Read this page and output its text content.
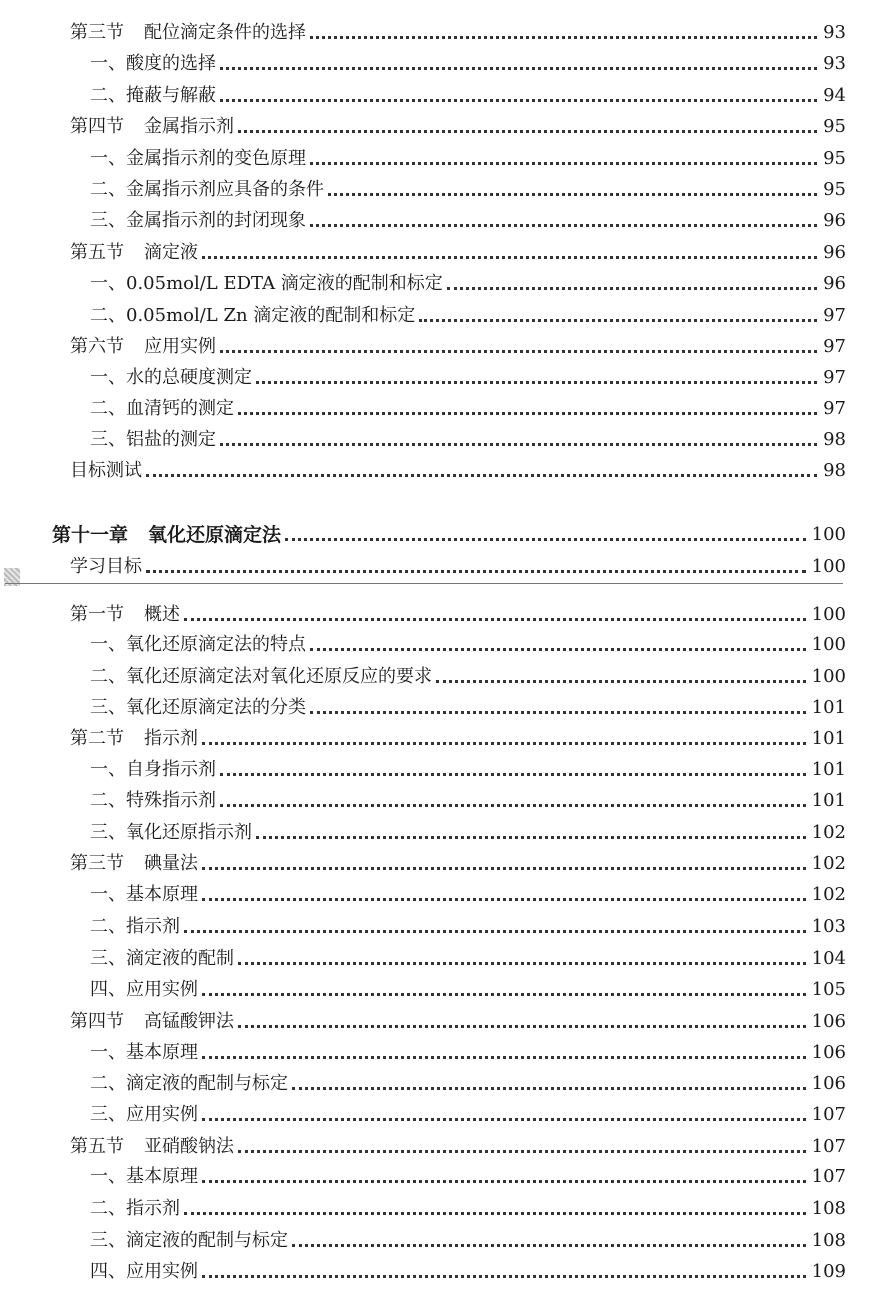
第三节 配位滴定条件的选择	93
一、酸度的选择	93
二、掩蔽与解蔽	94
第四节 金属指示剂	95
一、金属指示剂的变色原理	95
二、金属指示剂应具备的条件	95
三、金属指示剂的封闭现象	96
第五节 滴定液	96
一、0.05mol/L EDTA 滴定液的配制和标定	96
二、0.05mol/L Zn 滴定液的配制和标定	97
第六节 应用实例	97
一、水的总硬度测定	97
二、血清钙的测定	97
三、铝盐的测定	98
目标测试	98
第十一章 氧化还原滴定法	100
学习目标	100
第一节 概述	100
一、氧化还原滴定法的特点	100
二、氧化还原滴定法对氧化还原反应的要求	100
三、氧化还原滴定法的分类	101
第二节 指示剂	101
一、自身指示剂	101
二、特殊指示剂	101
三、氧化还原指示剂	102
第三节 碘量法	102
一、基本原理	102
二、指示剂	103
三、滴定液的配制	104
四、应用实例	105
第四节 高锰酸钾法	106
一、基本原理	106
二、滴定液的配制与标定	106
三、应用实例	107
第五节 亚硝酸钠法	107
一、基本原理	107
二、指示剂	108
三、滴定液的配制与标定	108
四、应用实例	109
